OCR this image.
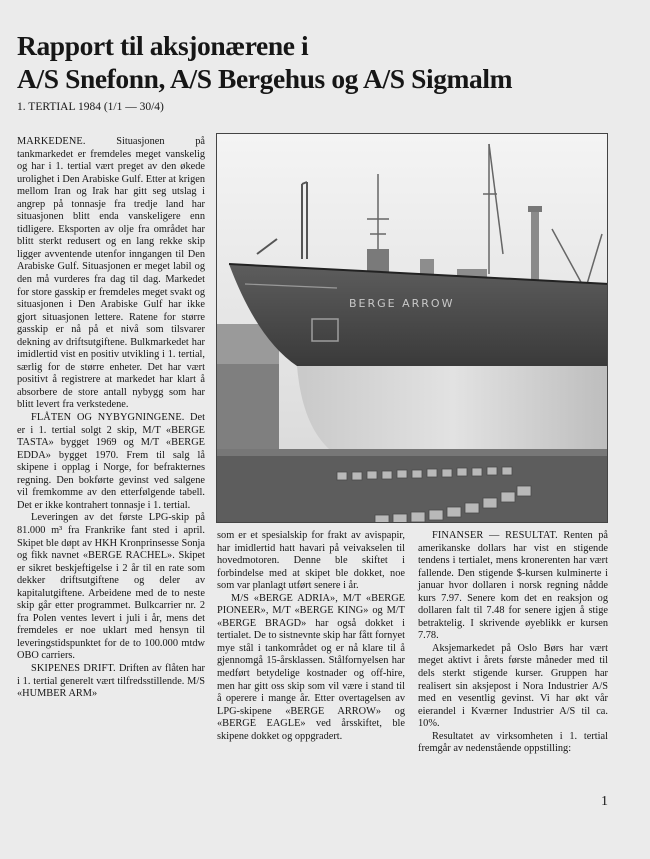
Rapport til aksjonærene i
A/S Snefonn, A/S Bergehus og A/S Sigmalm
1. TERTIAL 1984 (1/1 — 30/4)

MARKEDENE. Situasjonen på tankmarkedet er fremdeles meget vanskelig og har i 1. tertial vært preget av den økede urolighet i Den Arabiske Gulf. Etter at krigen mellom Iran og Irak har gitt seg utslag i angrep på tonnasje fra tredje land har situasjonen blitt enda vanskeligere enn tidligere. Eksporten av olje fra området har blitt sterkt redusert og en lang rekke skip ligger avventende utenfor inngangen til Den Arabiske Gulf. Situasjonen er meget labil og den må vurderes fra dag til dag. Markedet for store gasskip er fremdeles meget svakt og situasjonen i Den Arabiske Gulf har ikke gjort situasjonen lettere. Ratene for større gasskip er nå på et nivå som tilsvarer dekning av driftsutgiftene. Bulkmarkedet har imidlertid vist en positiv utvikling i 1. tertial, særlig for de større enheter. Det har vært positivt å registrere at markedet har klart å absorbere de store antall nybygg som har blitt levert fra verkstedene.

FLÅTEN OG NYBYGNINGENE. Det er i 1. tertial solgt 2 skip, M/T «BERGE TASTA» bygget 1969 og M/T «BERGE EDDA» bygget 1970. Frem til salg lå skipene i opplag i Norge, for befrakternes regning. Den bokførte gevinst ved salgene vil fremkomme av den etterfølgende tabell. Det er ikke kontrahert tonnasje i 1. tertial.

Leveringen av det første LPG-skip på 81.000 m³ fra Frankrike fant sted i april. Skipet ble døpt av HKH Kronprinsesse Sonja og fikk navnet «BERGE RACHEL». Skipet er sikret beskjeftigelse i 2 år til en rate som dekker driftsutgiftene og deler av kapitalutgiftene. Arbeidene med de to neste skip går etter programmet. Bulkcarrier nr. 2 fra Polen ventes levert i juli i år, mens det fremdeles er noe uklart med hensyn til leveringstidspunktet for de to 100.000 mtdw OBO carriers.

SKIPENES DRIFT. Driften av flåten har i 1. tertial generelt vært tilfredsstillende. M/S «HUMBER ARM»

BERGE ARROW

som er et spesialskip for frakt av avispapir, har imidlertid hatt havari på veivakselen til hovedmotoren. Denne ble skiftet i forbindelse med at skipet ble dokket, noe som var planlagt utført senere i år.

M/S «BERGE ADRIA», M/T «BERGE PIONEER», M/T «BERGE KING» og M/T «BERGE BRAGD» har også dokket i tertialet. De to sistnevnte skip har fått fornyet mye stål i tankområdet og er nå klare til å gjennomgå 15-årsklassen. Stålfornyelsen har medført betydelige kostnader og off-hire, men har gitt oss skip som vil være i stand til å operere i mange år. Etter overtagelsen av LPG-skipene «BERGE ARROW» og «BERGE EAGLE» ved årsskiftet, ble skipene dokket og oppgradert.

FINANSER — RESULTAT. Renten på amerikanske dollars har vist en stigende tendens i tertialet, mens kronerenten har vært fallende. Den stigende $-kursen kulminerte i januar hvor dollaren i norsk regning nådde kurs 7.97. Senere kom det en reaksjon og dollaren falt til 7.48 for senere igjen å stige betraktelig. I skrivende øyeblikk er kursen 7.78.

Aksjemarkedet på Oslo Børs har vært meget aktivt i årets første måneder med til dels sterkt stigende kurser. Gruppen har realisert sin aksjepost i Nora Industrier A/S med en vesentlig gevinst. Vi har økt vår eierandel i Kværner Industrier A/S til ca. 10%.

Resultatet av virksomheten i 1. tertial fremgår av nedenstående oppstilling:

1
